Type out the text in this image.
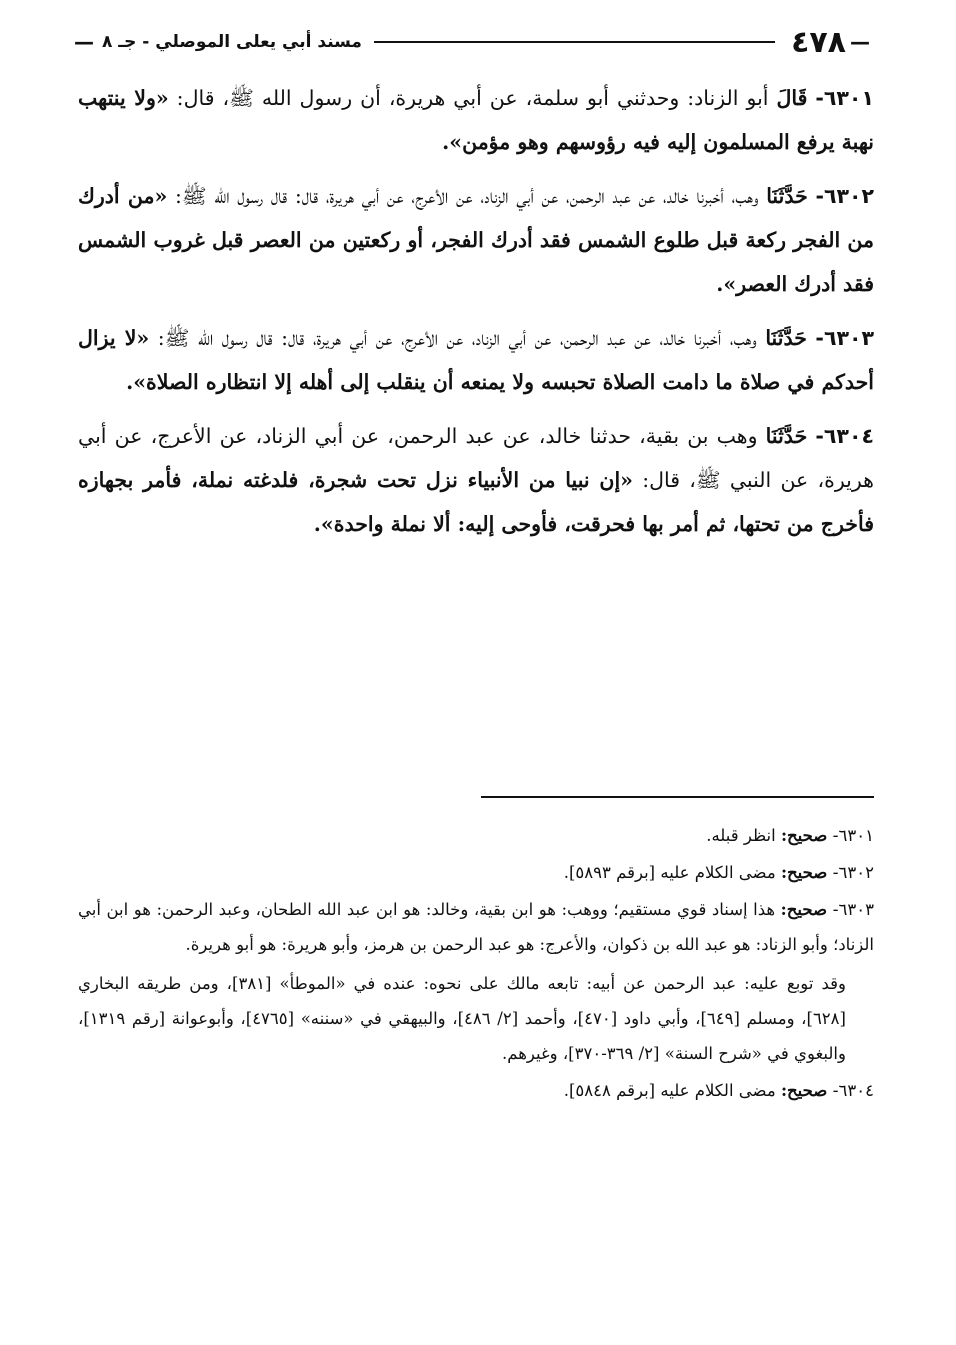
—
٤٧٨
مسند أبي يعلى الموصلي - جـ ٨
—

٦٣٠١- قَالَ أبو الزناد: وحدثني أبو سلمة، عن أبي هريرة، أن رسول الله ﷺ، قال: «ولا ينتهب نهبة يرفع المسلمون إليه فيه رؤوسهم وهو مؤمن».

٦٣٠٢- حَدَّثَنَا وهب، أخبرنا خالد، عن عبد الرحمن، عن أبي الزناد، عن الأعرج، عن أبي هريرة، قال: قال رسول الله ﷺ: «من أدرك من الفجر ركعة قبل طلوع الشمس فقد أدرك الفجر، أو ركعتين من العصر قبل غروب الشمس فقد أدرك العصر».

٦٣٠٣- حَدَّثَنَا وهب، أخبرنا خالد، عن عبد الرحمن، عن أبي الزناد، عن الأعرج، عن أبي هريرة، قال: قال رسول الله ﷺ: «لا يزال أحدكم في صلاة ما دامت الصلاة تحبسه ولا يمنعه أن ينقلب إلى أهله إلا انتظاره الصلاة».

٦٣٠٤- حَدَّثَنَا وهب بن بقية، حدثنا خالد، عن عبد الرحمن، عن أبي الزناد، عن الأعرج، عن أبي هريرة، عن النبي ﷺ، قال: «إن نبيا من الأنبياء نزل تحت شجرة، فلدغته نملة، فأمر بجهازه فأخرج من تحتها، ثم أمر بها فحرقت، فأوحى إليه: ألا نملة واحدة».

٦٣٠١- صحيح: انظر قبله.

٦٣٠٢- صحيح: مضى الكلام عليه [برقم ٥٨٩٣].

٦٣٠٣- صحيح: هذا إسناد قوي مستقيم؛ ووهب: هو ابن بقية، وخالد: هو ابن عبد الله الطحان، وعبد الرحمن: هو ابن أبي الزناد؛ وأبو الزناد: هو عبد الله بن ذكوان، والأعرج: هو عبد الرحمن بن هرمز، وأبو هريرة: هو أبو هريرة.

وقد توبع عليه: عبد الرحمن عن أبيه: تابعه مالك على نحوه: عنده في «الموطأ» [٣٨١]، ومن طريقه البخاري [٦٢٨]، ومسلم [٦٤٩]، وأبي داود [٤٧٠]، وأحمد [٢/ ٤٨٦]، والبيهقي في «سننه» [٤٧٦٥]، وأبوعوانة [رقم ١٣١٩]، والبغوي في «شرح السنة» [٢/ ٣٦٩-٣٧٠]، وغيرهم.

٦٣٠٤- صحيح: مضى الكلام عليه [برقم ٥٨٤٨].
